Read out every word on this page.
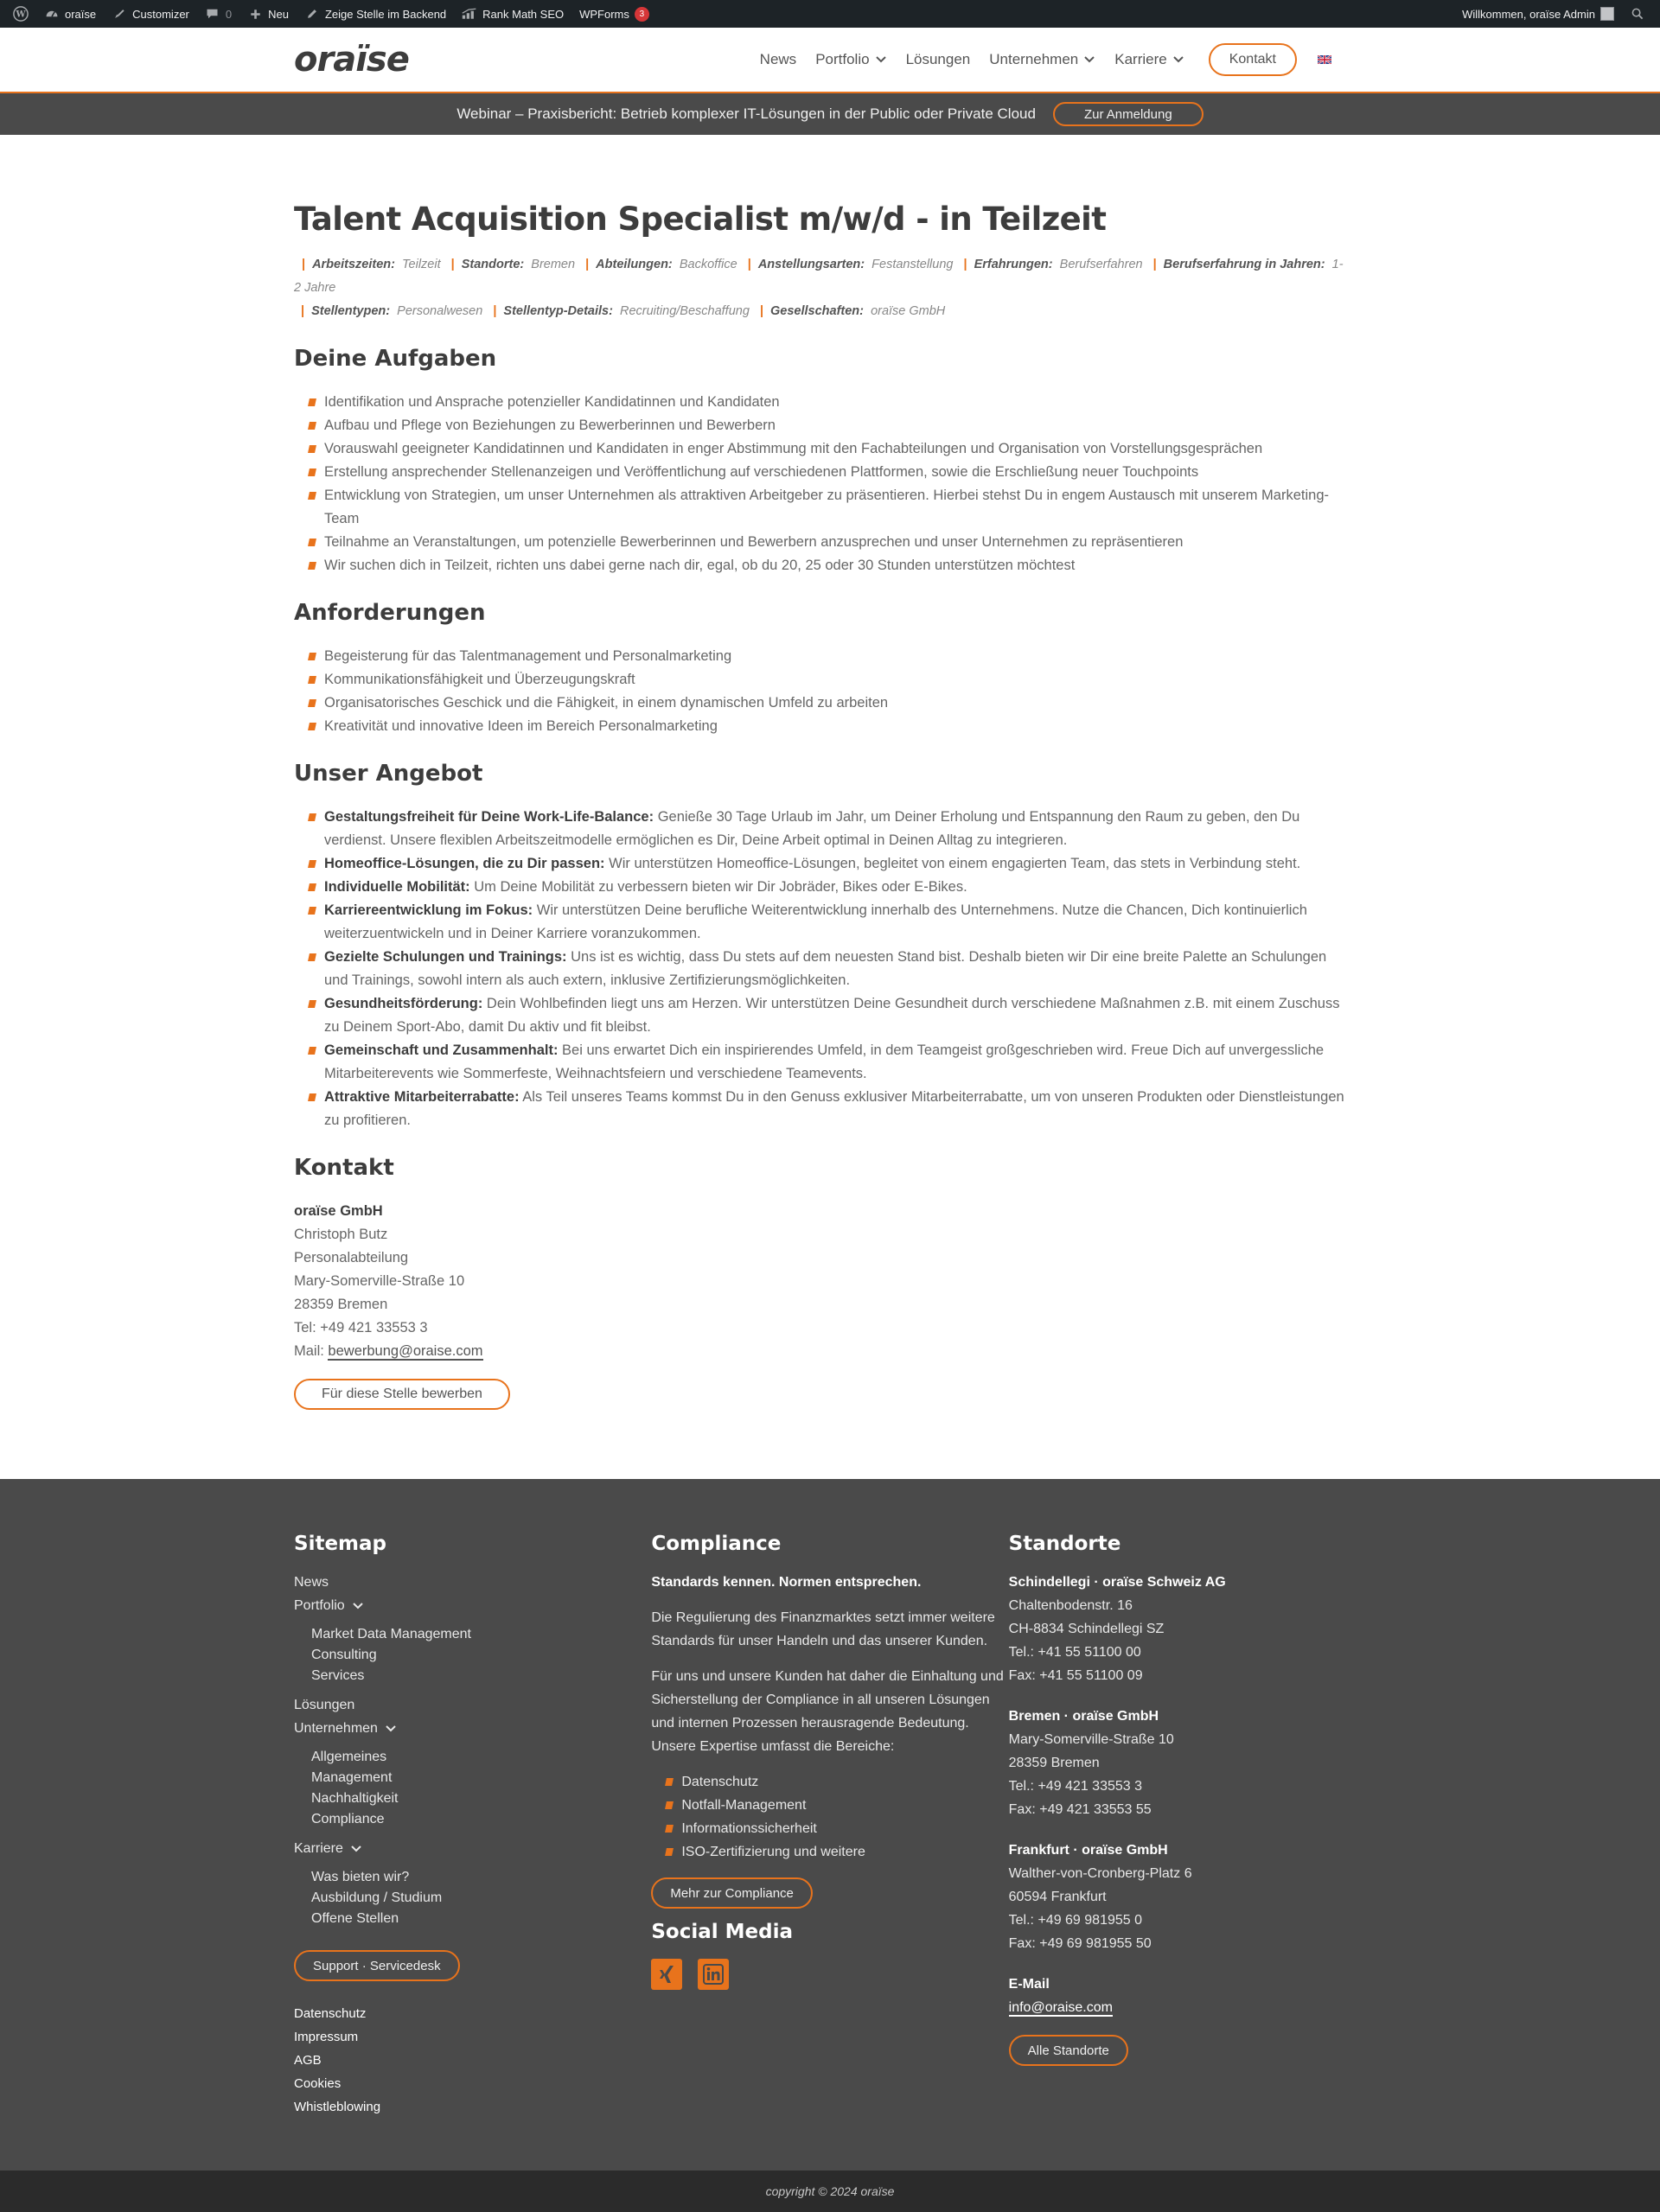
W	oraïse	Customizer	0	Neu	Zeige Stelle im Backend	Rank Math SEO WPForms	3	Willkommen, oraïse Admin
oraïse	News Portfolio Lösungen Unternehmen Karriere	Kontakt
Webinar – Praxisbericht: Betrieb komplexer IT-Lösungen in der Public oder Private Cloud	Zur Anmeldung
Talent Acquisition Specialist m/w/d - in Teilzeit
| Arbeitszeiten: Teilzeit | Standorte: Bremen | Abteilungen: Backoffice | Anstellungsarten: Festanstellung | Erfahrungen: Berufserfahren | Berufserfahrung in Jahren: 1-2 Jahre
| Stellentypen: Personalwesen | Stellentyp-Details: Recruiting/Beschaffung | Gesellschaften: oraïse GmbH
Deine Aufgaben
Identifikation und Ansprache potenzieller Kandidatinnen und Kandidaten
Aufbau und Pflege von Beziehungen zu Bewerberinnen und Bewerbern
Vorauswahl geeigneter Kandidatinnen und Kandidaten in enger Abstimmung mit den Fachabteilungen und Organisation von Vorstellungsgesprächen
Erstellung ansprechender Stellenanzeigen und Veröffentlichung auf verschiedenen Plattformen, sowie die Erschließung neuer Touchpoints
Entwicklung von Strategien, um unser Unternehmen als attraktiven Arbeitgeber zu präsentieren. Hierbei stehst Du in engem Austausch mit unserem Marketing-Team
Teilnahme an Veranstaltungen, um potenzielle Bewerberinnen und Bewerbern anzusprechen und unser Unternehmen zu repräsentieren
Wir suchen dich in Teilzeit, richten uns dabei gerne nach dir, egal, ob du 20, 25 oder 30 Stunden unterstützen möchtest
Anforderungen
Begeisterung für das Talentmanagement und Personalmarketing
Kommunikationsfähigkeit und Überzeugungskraft
Organisatorisches Geschick und die Fähigkeit, in einem dynamischen Umfeld zu arbeiten
Kreativität und innovative Ideen im Bereich Personalmarketing
Unser Angebot
Gestaltungsfreiheit für Deine Work-Life-Balance: Genieße 30 Tage Urlaub im Jahr, um Deiner Erholung und Entspannung den Raum zu geben, den Du verdienst. Unsere flexiblen Arbeitszeitmodelle ermöglichen es Dir, Deine Arbeit optimal in Deinen Alltag zu integrieren.
Homeoffice-Lösungen, die zu Dir passen: Wir unterstützen Homeoffice-Lösungen, begleitet von einem engagierten Team, das stets in Verbindung steht.
Individuelle Mobilität: Um Deine Mobilität zu verbessern bieten wir Dir Jobräder, Bikes oder E-Bikes.
Karriereentwicklung im Fokus: Wir unterstützen Deine berufliche Weiterentwicklung innerhalb des Unternehmens. Nutze die Chancen, Dich kontinuierlich weiterzuentwickeln und in Deiner Karriere voranzukommen.
Gezielte Schulungen und Trainings: Uns ist es wichtig, dass Du stets auf dem neuesten Stand bist. Deshalb bieten wir Dir eine breite Palette an Schulungen und Trainings, sowohl intern als auch extern, inklusive Zertifizierungsmöglichkeiten.
Gesundheitsförderung: Dein Wohlbefinden liegt uns am Herzen. Wir unterstützen Deine Gesundheit durch verschiedene Maßnahmen z.B. mit einem Zuschuss zu Deinem Sport-Abo, damit Du aktiv und fit bleibst.
Gemeinschaft und Zusammenhalt: Bei uns erwartet Dich ein inspirierendes Umfeld, in dem Teamgeist großgeschrieben wird. Freue Dich auf unvergessliche Mitarbeiterevents wie Sommerfeste, Weihnachtsfeiern und verschiedene Teamevents.
Attraktive Mitarbeiterrabatte: Als Teil unseres Teams kommst Du in den Genuss exklusiver Mitarbeiterrabatte, um von unseren Produkten oder Dienstleistungen zu profitieren.
Kontakt
oraïse GmbH
Christoph Butz
Personalabteilung
Mary-Somerville-Straße 10
28359 Bremen
Tel: +49 421 33553 3
Mail: bewerbung@oraise.com
Für diese Stelle bewerben
Sitemap
News
Portfolio
Market Data Management
Consulting
Services
Lösungen
Unternehmen
Allgemeines
Management
Nachhaltigkeit
Compliance
Karriere
Was bieten wir?
Ausbildung / Studium
Offene Stellen
Support · Servicedesk
Datenschutz
Impressum
AGB
Cookies
Whistleblowing
Compliance
Standards kennen. Normen entsprechen.

Die Regulierung des Finanzmarktes setzt immer weitere Standards für unser Handeln und das unserer Kunden.

Für uns und unsere Kunden hat daher die Einhaltung und Sicherstellung der Compliance in all unseren Lösungen und internen Prozessen herausragende Bedeutung. Unsere Expertise umfasst die Bereiche:

Datenschutz
Notfall-Management
Informationssicherheit
ISO-Zertifizierung und weitere
Mehr zur Compliance
Social Media
Standorte
Schindellegi · oraïse Schweiz AG
Chaltenbodenstr. 16
CH-8834 Schindellegi SZ
Tel.: +41 55 51100 00
Fax: +41 55 51100 09
Bremen · oraïse GmbH
Mary-Somerville-Straße 10
28359 Bremen
Tel.: +49 421 33553 3
Fax: +49 421 33553 55
Frankfurt · oraïse GmbH
Walther-von-Cronberg-Platz 6
60594 Frankfurt
Tel.: +49 69 981955 0
Fax: +49 69 981955 50
E-Mail
info@oraise.com
Alle Standorte
copyright © 2024 oraïse
